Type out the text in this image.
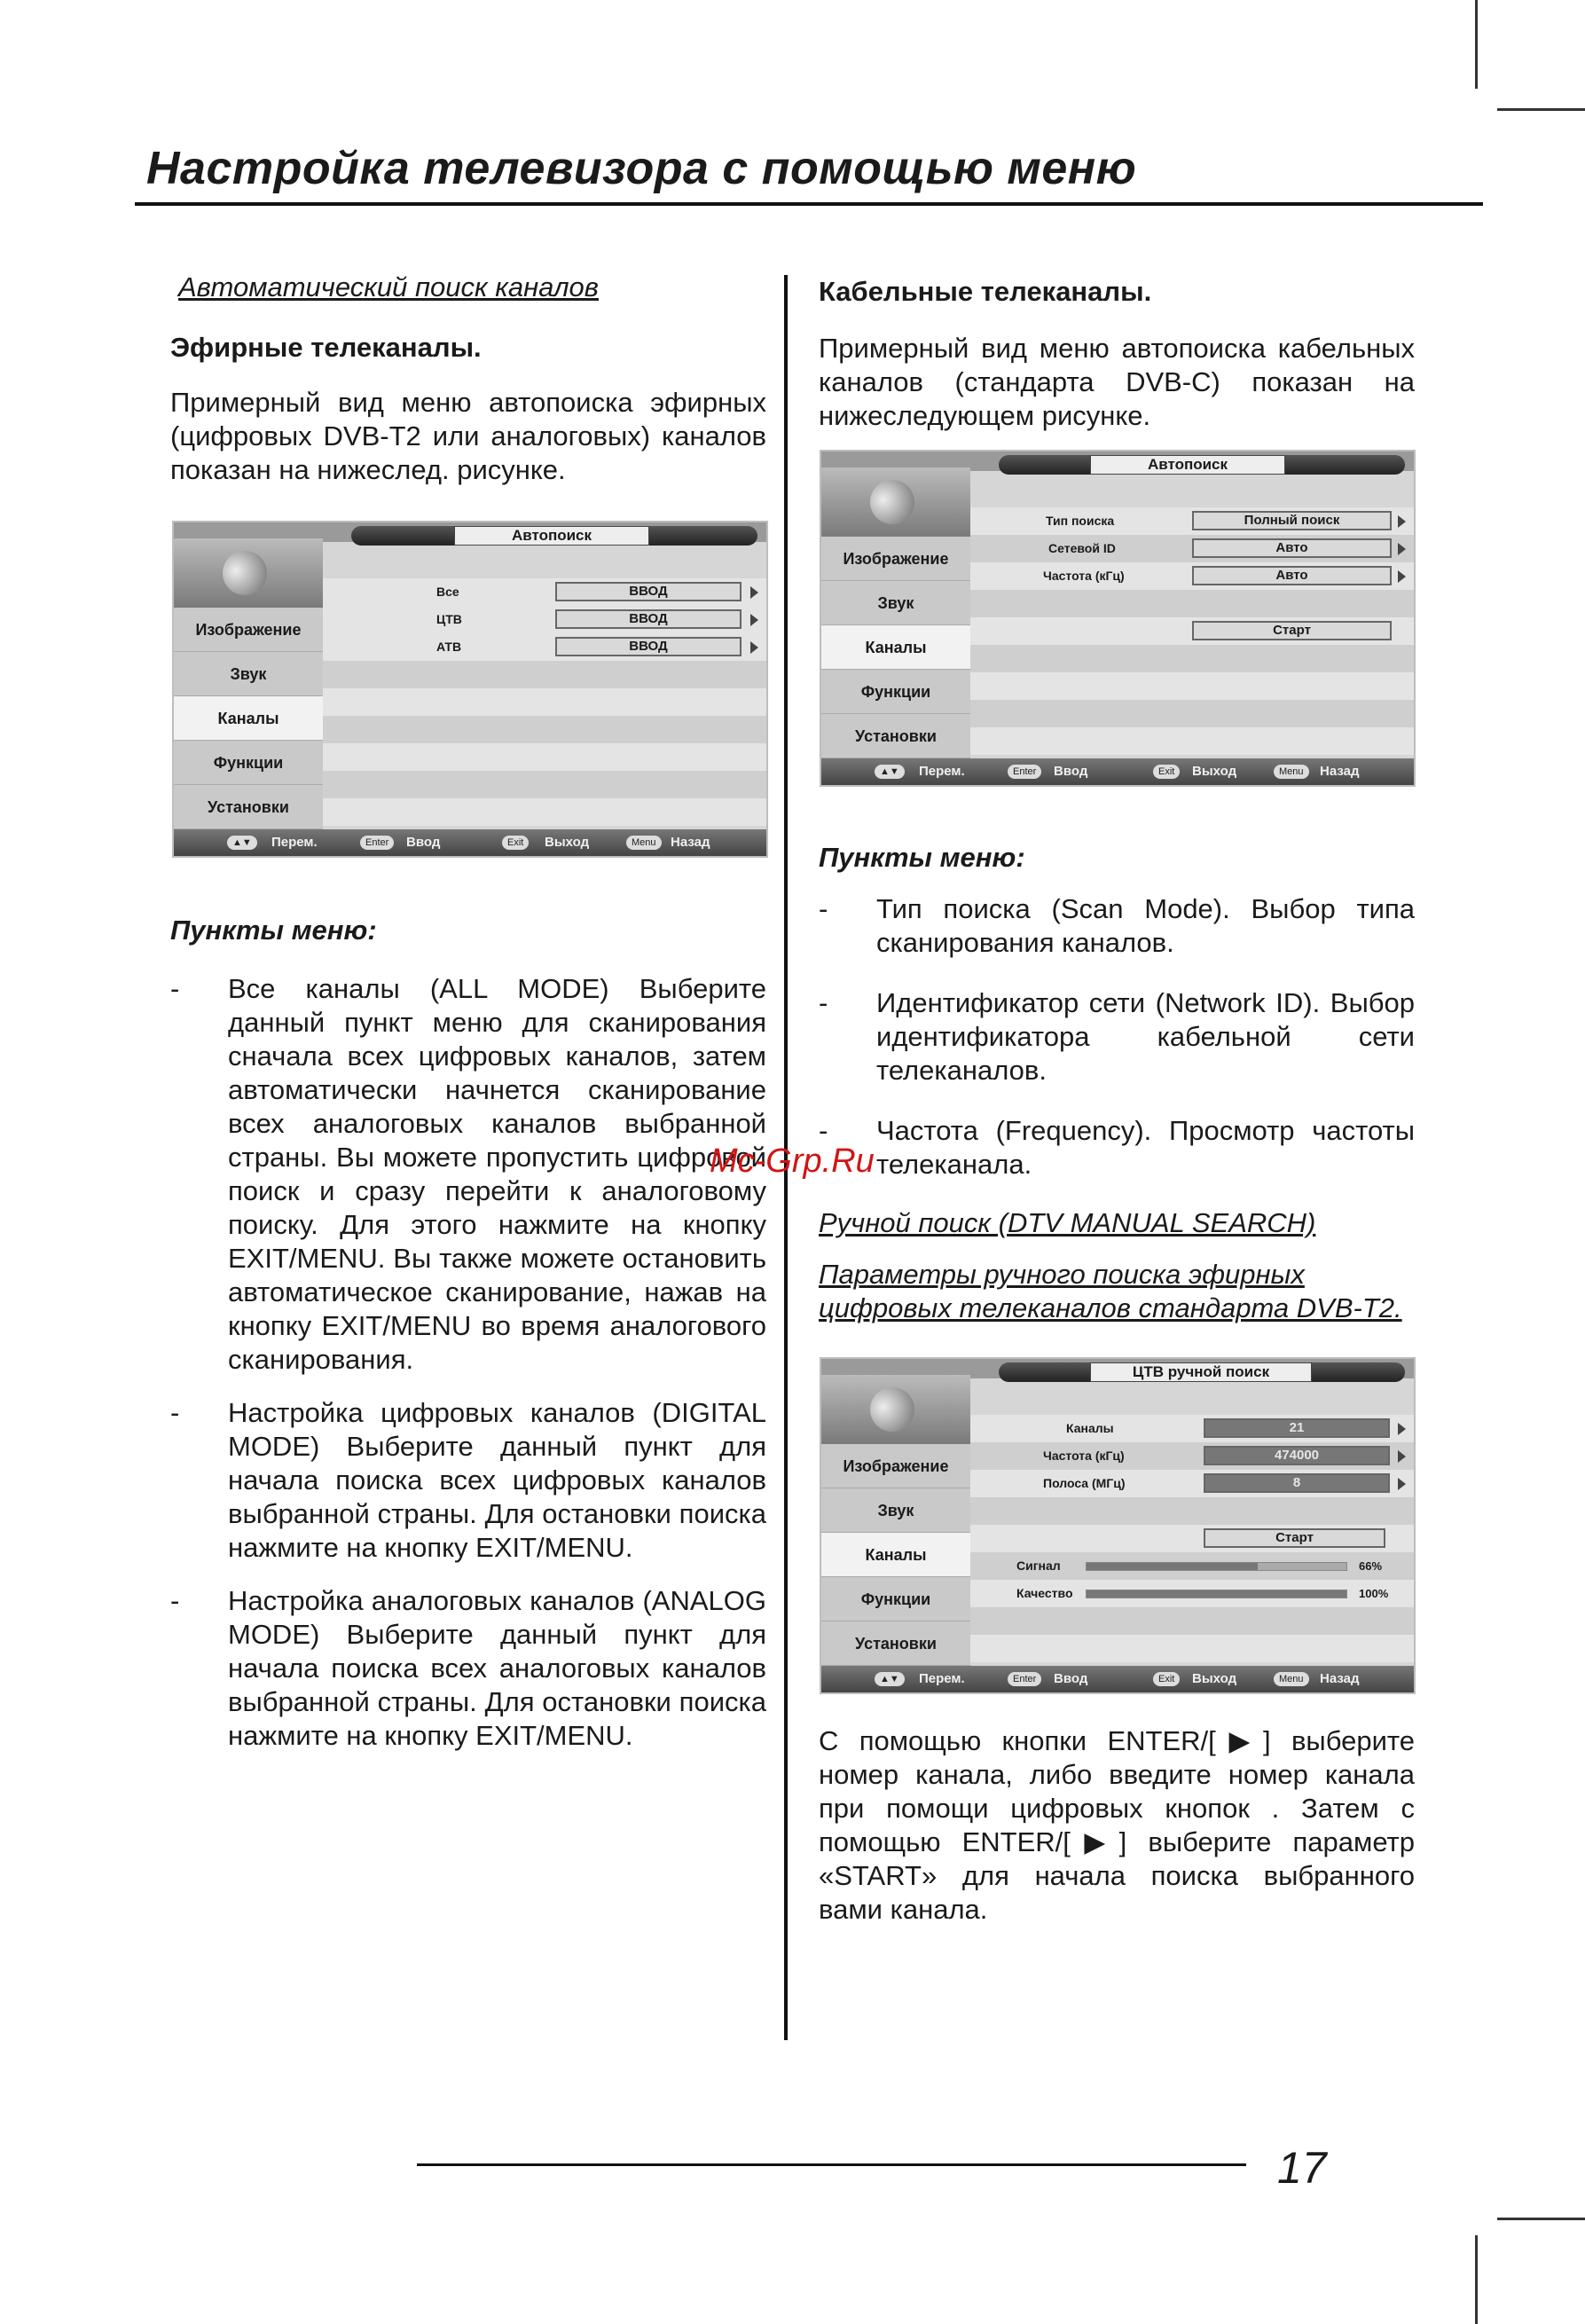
Настройка телевизора с помощью меню
Автоматический поиск каналов
Эфирные телеканалы.

Примерный вид меню автопоиска эфирных (цифровых DVB-T2 или аналоговых) каналов показан на нижеслед. рисунке.

Автопоиск
Изображение
Звук
Каналы
Функции
Установки
Все	ВВОД
ЦТВ	ВВОД
АТВ	ВВОД
▲▼	Перем.	Enter	Ввод	Exit	Выход	Menu	Назад
Пункты меню:
- Все каналы (ALL MODE) Выберите данный пункт меню для сканирования сначала всех цифровых каналов, затем автоматически начнется сканирование всех аналоговых каналов выбранной страны. Вы можете пропустить цифровой поиск и сразу перейти к аналоговому поиску. Для этого нажмите на кнопку EXIT/MENU. Вы также можете остановить автоматическое сканирование, нажав на кнопку EXIT/MENU во время аналогового сканирования.
- Настройка цифровых каналов (DIGITAL MODE) Выберите данный пункт для начала поиска всех цифровых каналов выбранной страны. Для остановки поиска нажмите на кнопку EXIT/MENU.
- Настройка аналоговых каналов (ANALOG MODE) Выберите данный пункт для начала поиска всех аналоговых каналов выбранной страны. Для остановки поиска нажмите на кнопку EXIT/MENU.
Кабельные телеканалы.

Примерный вид меню автопоиска кабельных каналов (стандарта DVB-C) показан на нижеследующем рисунке.

Автопоиск
Изображение
Звук
Каналы
Функции
Установки
Тип поиска	Полный поиск
Сетевой ID	Авто
Частота (кГц)	Авто
Старт
▲▼	Перем.	Enter	Ввод	Exit	Выход	Menu	Назад
Пункты меню:
- Тип поиска (Scan Mode). Выбор типа сканирования каналов.
- Идентификатор сети (Network ID). Выбор идентификатора кабельной сети телеканалов.
- Частота (Frequency). Просмотр частоты телеканала.
Ручной поиск (DTV MANUAL SEARCH)
Параметры ручного поиска эфирных цифровых телеканалов стандарта DVB-T2.
ЦТВ ручной поиск
Изображение
Звук
Каналы
Функции
Установки
Каналы	21
Частота (кГц)	474000
Полоса (МГц)	8
Старт
Сигнал	66%
Качество	100%
▲▼	Перем.	Enter	Ввод	Exit	Выход	Menu	Назад

С помощью кнопки ENTER/[▶] выберите номер канала, либо введите номер канала при помощи цифровых кнопок . Затем с помощью ENTER/[▶] выберите параметр «START» для начала поиска выбранного вами канала.

Mc-Grp.Ru
17
